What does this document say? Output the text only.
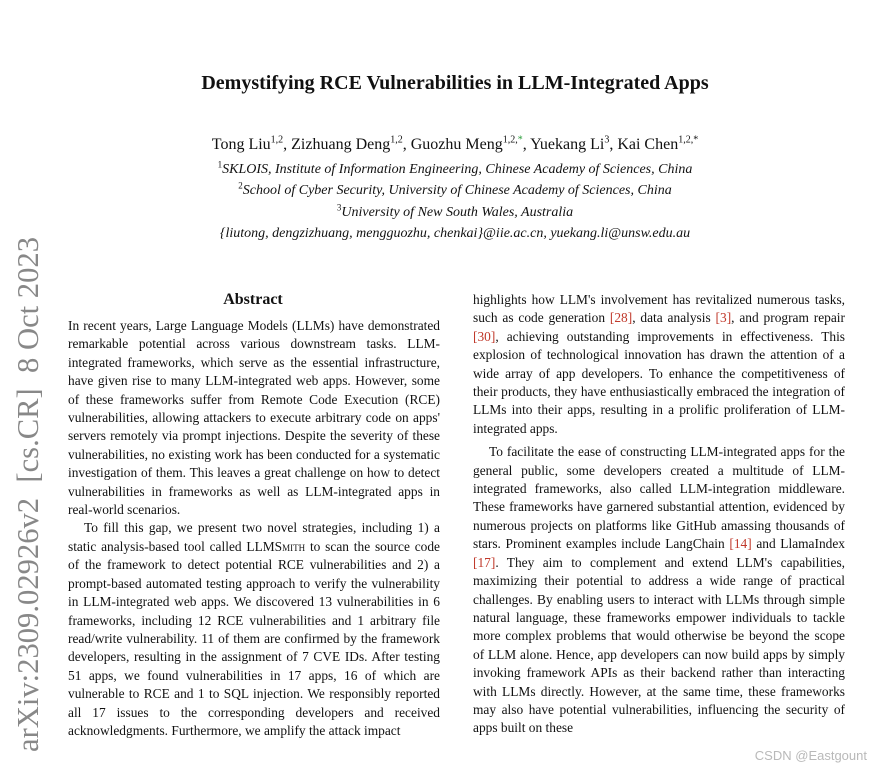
arXiv:2309.02926v2  [cs.CR]  8 Oct 2023
Demystifying RCE Vulnerabilities in LLM-Integrated Apps
Tong Liu$^{1,2}$, Zizhuang Deng$^{1,2}$, Guozhu Meng$^{1,2,*}$, Yuekang Li$^3$, Kai Chen$^{1,2,*}$
$^1$SKLOIS, Institute of Information Engineering, Chinese Academy of Sciences, China
$^2$School of Cyber Security, University of Chinese Academy of Sciences, China
$^3$University of New South Wales, Australia
{liutong, dengzizhuang, mengguozhu, chenkai}@iie.ac.cn, yuekang.li@unsw.edu.au
Abstract

In recent years, Large Language Models (LLMs) have demonstrated remarkable potential across various downstream tasks. LLM-integrated frameworks, which serve as the essential infrastructure, have given rise to many LLM-integrated web apps. However, some of these frameworks suffer from Remote Code Execution (RCE) vulnerabilities, allowing attackers to execute arbitrary code on apps' servers remotely via prompt injections. Despite the severity of these vulnerabilities, no existing work has been conducted for a systematic investigation of them. This leaves a great challenge on how to detect vulnerabilities in frameworks as well as LLM-integrated apps in real-world scenarios.

To fill this gap, we present two novel strategies, including 1) a static analysis-based tool called LLMSmith to scan the source code of the framework to detect potential RCE vulnerabilities and 2) a prompt-based automated testing approach to verify the vulnerability in LLM-integrated web apps. We discovered 13 vulnerabilities in 6 frameworks, including 12 RCE vulnerabilities and 1 arbitrary file read/write vulnerability. 11 of them are confirmed by the framework developers, resulting in the assignment of 7 CVE IDs. After testing 51 apps, we found vulnerabilities in 17 apps, 16 of which are vulnerable to RCE and 1 to SQL injection. We responsibly reported all 17 issues to the corresponding developers and received acknowledgments. Furthermore, we amplify the attack impact

highlights how LLM's involvement has revitalized numerous tasks, such as code generation [28], data analysis [3], and program repair [30], achieving outstanding improvements in effectiveness. This explosion of technological innovation has drawn the attention of a wide array of app developers. To enhance the competitiveness of their products, they have enthusiastically embraced the integration of LLMs into their apps, resulting in a prolific proliferation of LLM-integrated apps.

To facilitate the ease of constructing LLM-integrated apps for the general public, some developers created a multitude of LLM-integrated frameworks, also called LLM-integration middleware. These frameworks have garnered substantial attention, evidenced by numerous projects on platforms like GitHub amassing thousands of stars. Prominent examples include LangChain [14] and LlamaIndex [17]. They aim to complement and extend LLM's capabilities, maximizing their potential to address a wide range of practical challenges. By enabling users to interact with LLMs through simple natural language, these frameworks empower individuals to tackle more complex problems that would otherwise be beyond the scope of LLM alone. Hence, app developers can now build apps by simply invoking framework APIs as their backend rather than interacting with LLMs directly. However, at the same time, these frameworks may also have potential vulnerabilities, influencing the security of apps built on these

CSDN @Eastgount
